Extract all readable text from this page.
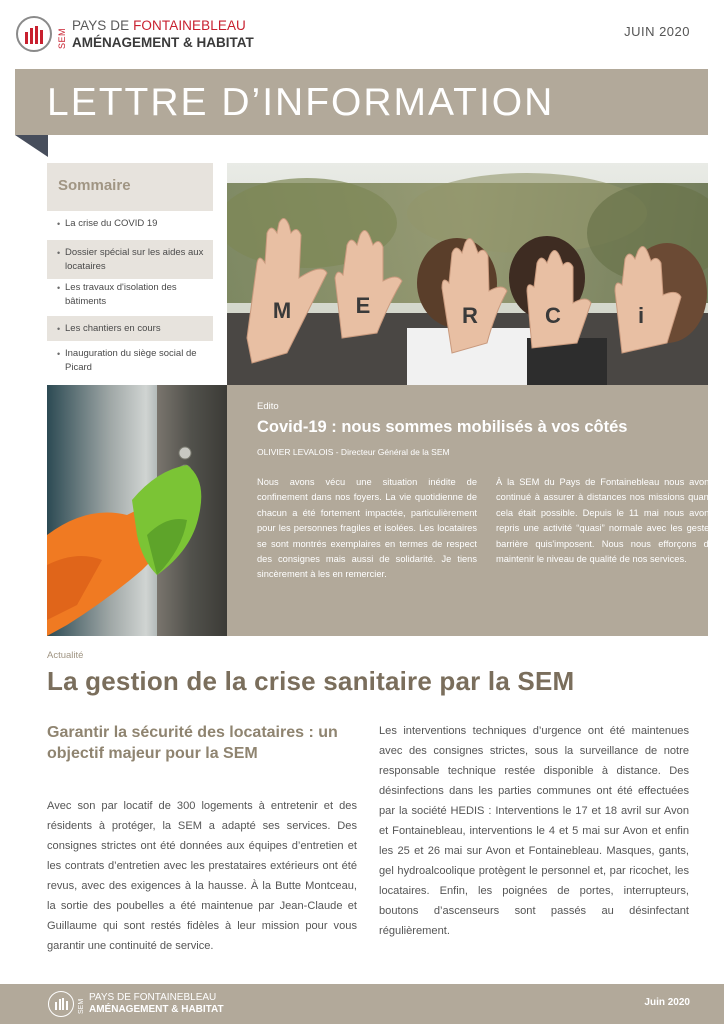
SEM
PAYS DE FONTAINEBLEAU
AMÉNAGEMENT & HABITAT
JUIN 2020
LETTRE D’INFORMATION
Sommaire
• La crise du COVID 19
• Dossier spécial sur les aides aux locataires
• Les travaux d'isolation des bâtiments
• Les chantiers en cours
• Inauguration du siège social de Picard
M	E	R	C	i
Edito
Covid-19 : nous sommes mobilisés à vos côtés
OLIVIER LEVALOIS - Directeur Général de la SEM
Nous avons vécu une situation inédite de confinement dans nos foyers. La vie quotidienne de chacun a été fortement impactée, particulièrement pour les personnes fragiles et isolées. Les locataires se sont montrés exemplaires en termes de respect des consignes mais aussi de solidarité. Je tiens sincèrement à les en remercier.
À la SEM du Pays de Fontainebleau nous avons continué à assurer à distances nos missions quand cela était possible. Depuis le 11 mai nous avons repris une activité “quasi” normale avec les gestes barrière quis'imposent. Nous nous efforçons de maintenir le niveau de qualité de nos services.
Actualité
La gestion de la crise sanitaire par la SEM
Garantir la sécurité des locataires : un objectif majeur pour la SEM
Avec son par locatif de 300 logements à entretenir et des résidents à protéger, la SEM a adapté ses services. Des consignes strictes ont été données aux équipes d’entretien et les contrats d’entretien avec les prestataires extérieurs ont été revus, avec des exigences à la hausse. À la Butte Montceau, la sortie des poubelles a été maintenue par Jean-Claude et Guillaume qui sont restés fidèles à leur mission pour vous garantir une continuité de service.
Les interventions techniques d’urgence ont été maintenues avec des consignes strictes, sous la surveillance de notre responsable technique restée disponible à distance. Des désinfections dans les parties communes ont été effectuées par la société HEDIS : Interventions le 17 et 18 avril sur Avon et Fontainebleau, interventions le 4 et 5 mai sur Avon et enfin les 25 et 26 mai sur Avon et Fontainebleau. Masques, gants, gel hydroalcoolique protègent le personnel et, par ricochet, les locataires. Enfin, les poignées de portes, interrupteurs, boutons d’ascenseurs sont passés au désinfectant régulièrement.
SEM
PAYS DE FONTAINEBLEAU
AMÉNAGEMENT & HABITAT
Juin 2020
